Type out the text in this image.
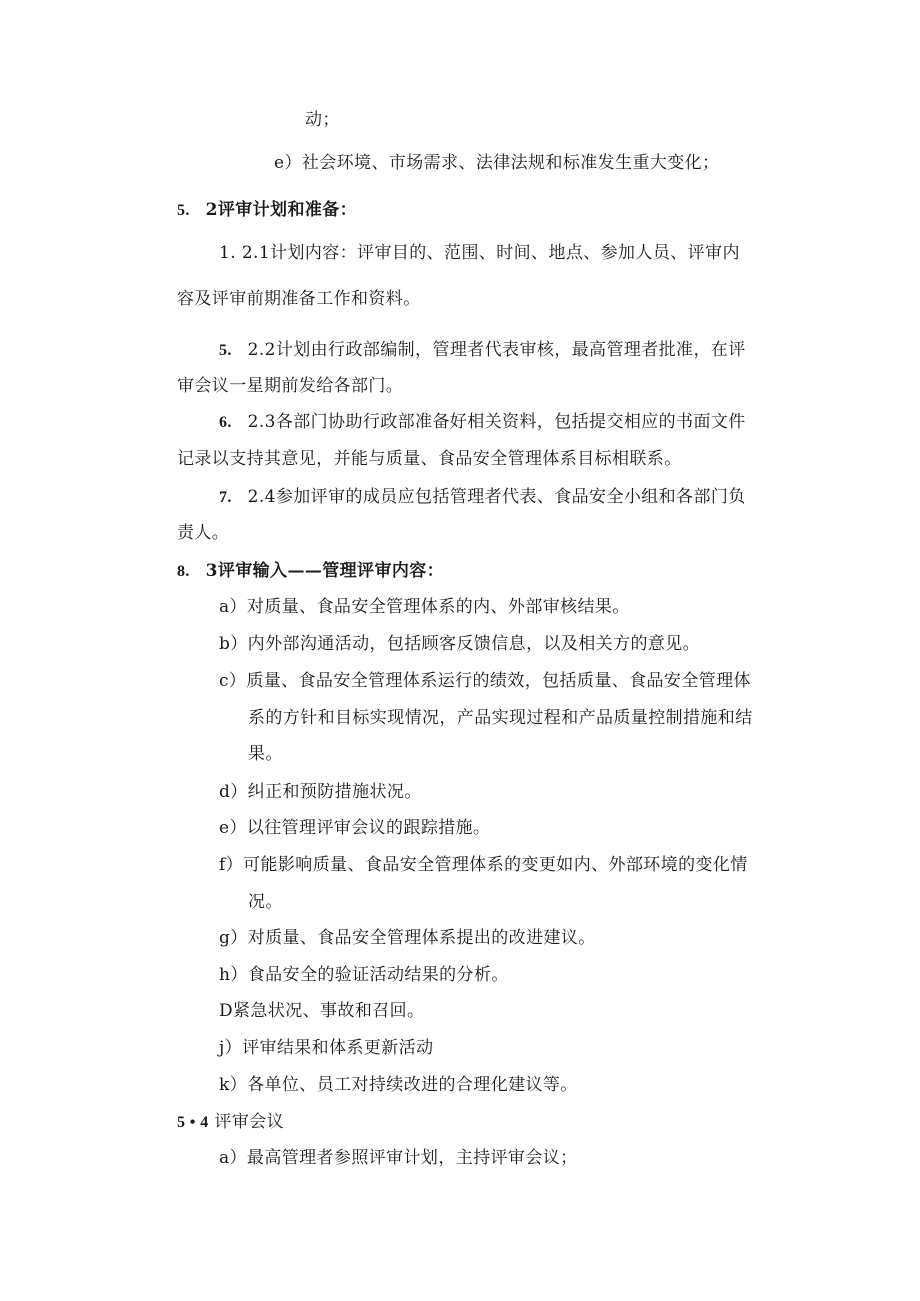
动；
e）社会环境、市场需求、法律法规和标准发生重大变化；
5. 2评审计划和准备：
1. 2.1计划内容：评审目的、范围、时间、地点、参加人员、评审内
容及评审前期准备工作和资料。
5. 2.2计划由行政部编制，管理者代表审核，最高管理者批准，在评
审会议一星期前发给各部门。
6. 2.3各部门协助行政部准备好相关资料，包括提交相应的书面文件
记录以支持其意见，并能与质量、食品安全管理体系目标相联系。
7. 2.4参加评审的成员应包括管理者代表、食品安全小组和各部门负
责人。
8. 3评审输入——管理评审内容：
a）对质量、食品安全管理体系的内、外部审核结果。
b）内外部沟通活动，包括顾客反馈信息，以及相关方的意见。
c）质量、食品安全管理体系运行的绩效，包括质量、食品安全管理体
系的方针和目标实现情况，产品实现过程和产品质量控制措施和结
果。
d）纠正和预防措施状况。
e）以往管理评审会议的跟踪措施。
f）可能影响质量、食品安全管理体系的变更如内、外部环境的变化情
况。
g）对质量、食品安全管理体系提出的改进建议。
h）食品安全的验证活动结果的分析。
D紧急状况、事故和召回。
j）评审结果和体系更新活动
k）各单位、员工对持续改进的合理化建议等。
5 • 4 评审会议
a）最高管理者参照评审计划，主持评审会议；
